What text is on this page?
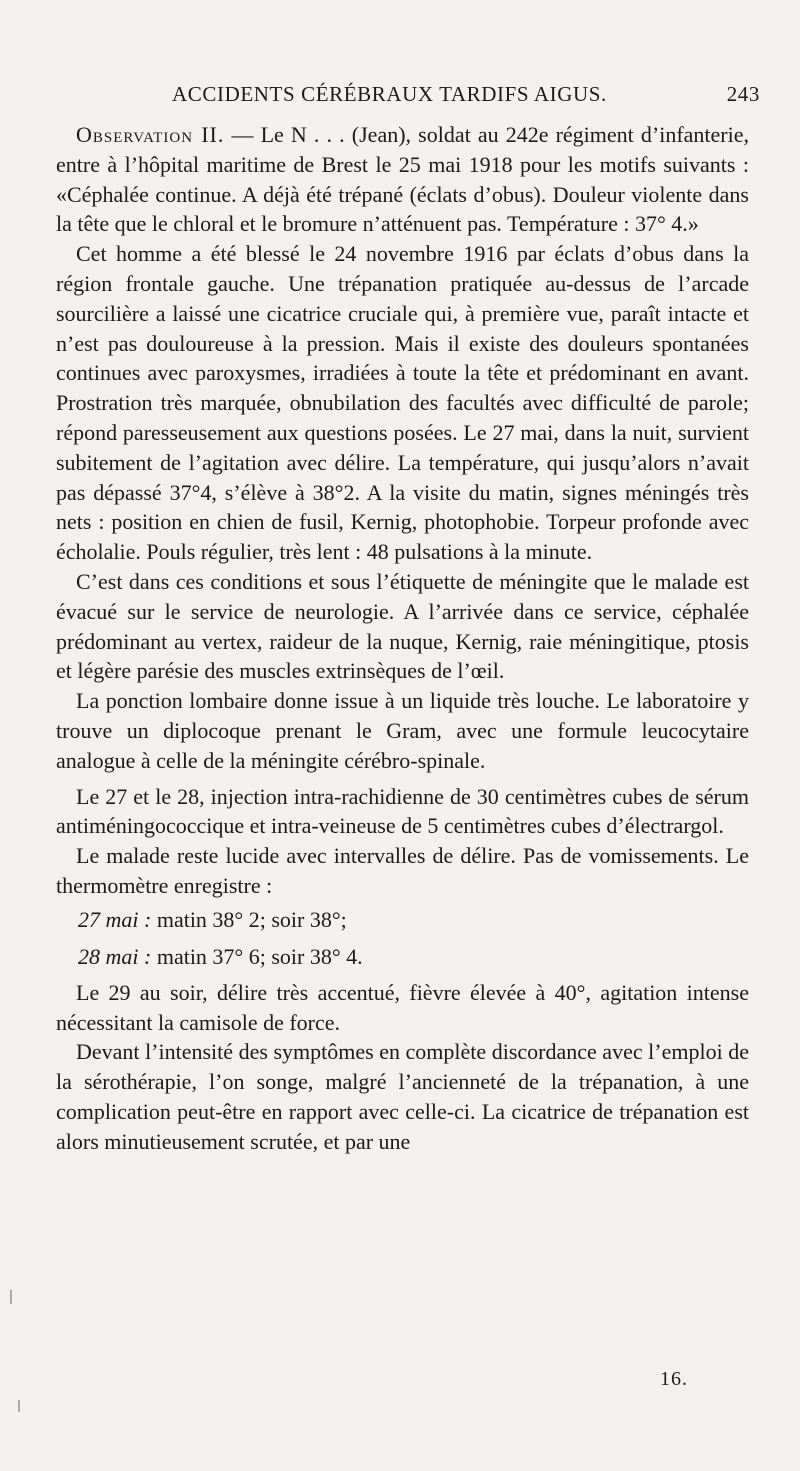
ACCIDENTS CÉRÉBRAUX TARDIFS AIGUS.	243

Observation II. — Le N . . . (Jean), soldat au 242e régiment d’infanterie, entre à l’hôpital maritime de Brest le 25 mai 1918 pour les motifs suivants : «Céphalée continue. A déjà été trépané (éclats d’obus). Douleur violente dans la tête que le chloral et le bromure n’atténuent pas. Température : 37° 4.»

Cet homme a été blessé le 24 novembre 1916 par éclats d’obus dans la région frontale gauche. Une trépanation pratiquée au-dessus de l’arcade sourcilière a laissé une cicatrice cruciale qui, à première vue, paraît intacte et n’est pas douloureuse à la pression. Mais il existe des douleurs spontanées continues avec paroxysmes, irradiées à toute la tête et prédominant en avant. Prostration très marquée, obnubilation des facultés avec difficulté de parole; répond paresseusement aux questions posées. Le 27 mai, dans la nuit, survient subitement de l’agitation avec délire. La température, qui jusqu’alors n’avait pas dépassé 37°4, s’élève à 38°2. A la visite du matin, signes méningés très nets : position en chien de fusil, Kernig, photophobie. Torpeur profonde avec écholalie. Pouls régulier, très lent : 48 pulsations à la minute.

C’est dans ces conditions et sous l’étiquette de méningite que le malade est évacué sur le service de neurologie. A l’arrivée dans ce service, céphalée prédominant au vertex, raideur de la nuque, Kernig, raie méningitique, ptosis et légère parésie des muscles extrinsèques de l’œil.

La ponction lombaire donne issue à un liquide très louche. Le laboratoire y trouve un diplocoque prenant le Gram, avec une formule leucocytaire analogue à celle de la méningite cérébro-spinale.

Le 27 et le 28, injection intra-rachidienne de 30 centimètres cubes de sérum antiméningococcique et intra-veineuse de 5 centimètres cubes d’électrargol.

Le malade reste lucide avec intervalles de délire. Pas de vomissements. Le thermomètre enregistre :

27 mai : matin 38° 2; soir 38°;
28 mai : matin 37° 6; soir 38° 4.

Le 29 au soir, délire très accentué, fièvre élevée à 40°, agitation intense nécessitant la camisole de force.

Devant l’intensité des symptômes en complète discordance avec l’emploi de la sérothérapie, l’on songe, malgré l’ancienneté de la trépanation, à une complication peut-être en rapport avec celle-ci. La cicatrice de trépanation est alors minutieusement scrutée, et par une

16.
